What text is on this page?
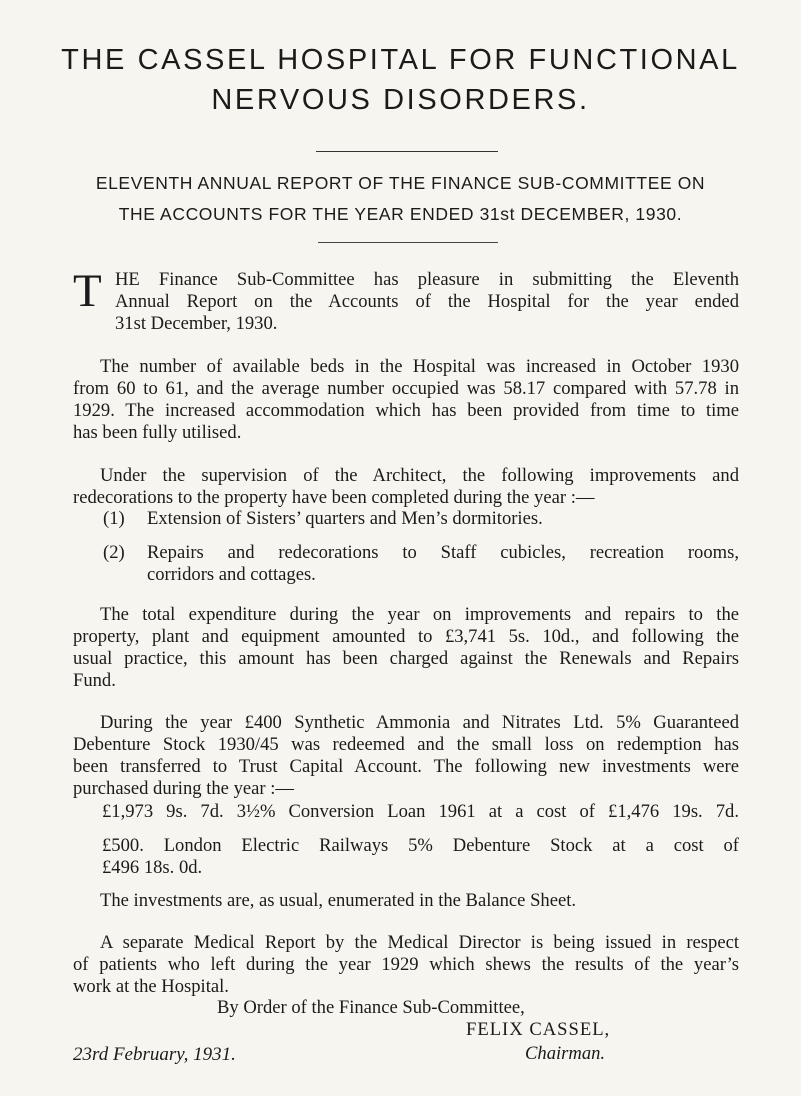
THE CASSEL HOSPITAL FOR FUNCTIONAL
NERVOUS DISORDERS.
ELEVENTH ANNUAL REPORT OF THE FINANCE SUB-COMMITTEE ON
THE ACCOUNTS FOR THE YEAR ENDED 31st DECEMBER, 1930.
T HE Finance Sub-Committee has pleasure in submitting the Eleventh
Annual Report on the Accounts of the Hospital for the year ended
31st December, 1930.
The number of available beds in the Hospital was increased in October 1930
from 60 to 61, and the average number occupied was 58.17 compared with 57.78 in
1929. The increased accommodation which has been provided from time to time
has been fully utilised.
Under the supervision of the Architect, the following improvements and
redecorations to the property have been completed during the year :—
(1) Extension of Sisters’ quarters and Men’s dormitories.
(2) Repairs and redecorations to Staff cubicles, recreation rooms,
corridors and cottages.
The total expenditure during the year on improvements and repairs to the
property, plant and equipment amounted to £3,741 5s. 10d., and following the
usual practice, this amount has been charged against the Renewals and Repairs
Fund.
During the year £400 Synthetic Ammonia and Nitrates Ltd. 5% Guaranteed
Debenture Stock 1930/45 was redeemed and the small loss on redemption has
been transferred to Trust Capital Account. The following new investments were
purchased during the year :—
£1,973 9s. 7d. 3½% Conversion Loan 1961 at a cost of £1,476 19s. 7d.
£500. London Electric Railways 5% Debenture Stock at a cost of
£496 18s. 0d.
The investments are, as usual, enumerated in the Balance Sheet.
A separate Medical Report by the Medical Director is being issued in respect
of patients who left during the year 1929 which shews the results of the year’s
work at the Hospital.
By Order of the Finance Sub-Committee,
FELIX CASSEL,
23rd February, 1931.	Chairman.
